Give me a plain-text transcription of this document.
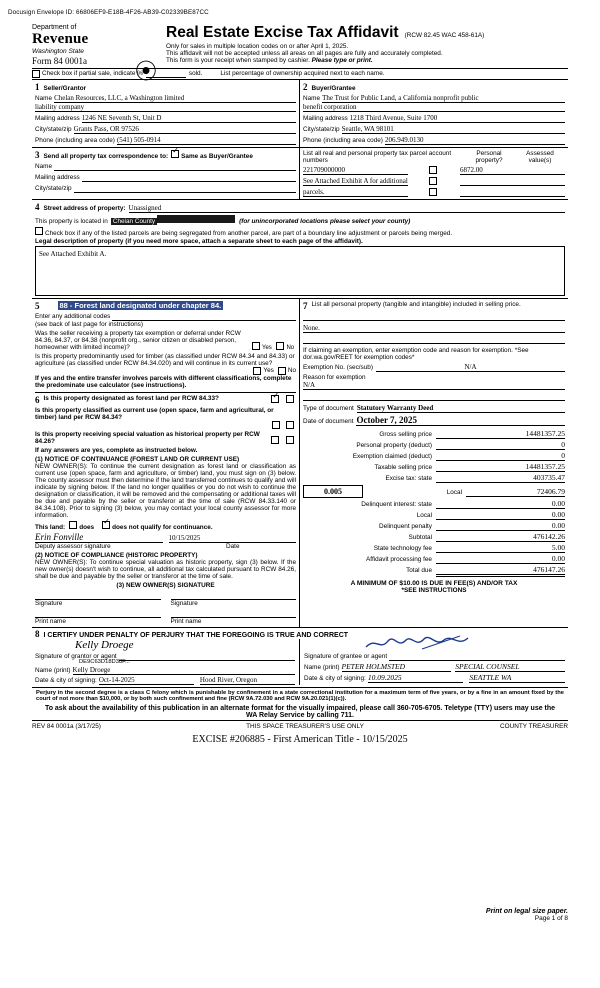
Docusign Envelope ID: 66806EF9-E18B-4F26-AB39-C02339BE87CC
Department of
Revenue
Washington State
Form 84 0001a	⦿
Real Estate Excise Tax Affidavit (RCW 82.45 WAC 458-61A)
Only for sales in multiple location codes on or after April 1, 2025.
This affidavit will not be accepted unless all areas on all pages are fully and accurately completed.
This form is your receipt when stamped by cashier. Please type or print.
Check box if partial sale, indicate %
	sold.	List percentage of ownership acquired next to each name.
1 Seller/Grantor
Name Chelan Resources, LLC, a Washington limited
liability company
Mailing address 1246 NE Seventh St, Unit D
City/state/zip Grants Pass, OR 97526
Phone (including area code) (541) 505-0914
2 Buyer/Grantee
Name The Trust for Public Land, a California nonprofit public
benefit corporation
Mailing address 1218 Third Avenue, Suite 1700
City/state/zip Seattle, WA 98101
Phone (including area code) 206.949.0130
3 Send all property tax correspondence to: ✓ Same as Buyer/Grantee
Name

Mailing address

City/state/zip

List all real and personal property tax parcel account numbers
Personal property?
Assessed value(s)
221709000000	6872.00
See Attached Exhibit A for additional
parcels.
4 Street address of property: Unassigned
This property is located in Chelan County	(for unincorporated locations please select your county)
Check box if any of the listed parcels are being segregated from another parcel, are part of a boundary line adjustment or parcels being merged.
Legal description of property (if you need more space, attach a separate sheet to each page of the affidavit).
See Attached Exhibit A.
5	88 - Forest land designated under chapter 84.
Enter any additional codes

(see back of last page for instructions)
Was the seller receiving a property tax exemption or deferral under RCW 84.36, 84.37, or 84.38 (nonprofit org., senior citizen or disabled person, homeowner with limited income)?	Yes No
Is this property predominantly used for timber (as classified under RCW 84.34 and 84.33) or agriculture (as classified under RCW 84.34.020) and will continue in its current use?
Yes No
If yes and the entire transfer involves parcels with different classifications, complete the predominate use calculator (see instructions).
6 Is this property designated as forest land per RCW 84.33?
✓
Is this property classified as current use (open space, farm and agricultural, or timber) land per RCW 84.34?
Is this property receiving special valuation as historical property per RCW 84.26?

If any answers are yes, complete as instructed below.
(1) NOTICE OF CONTINUANCE (FOREST LAND OR CURRENT USE)
NEW OWNER(S): To continue the current designation as forest land or classification as current use (open space, farm and agriculture, or timber) land, you must sign on (3) below. The county assessor must then determine if the land transferred continues to qualify and will indicate by signing below. If the land no longer qualifies or you do not wish to continue the designation or classification, it will be removed and the compensating or additional taxes will be due and payable by the seller or transferor at the time of sale (RCW 84.33.140 or 84.34.108). Prior to signing (3) below, you may contact your local county assessor for more information.
This land: does ✓	does not qualify for continuance.
Erin Fonville	10/15/2025
Deputy assessor signature	Date
(2) NOTICE OF COMPLIANCE (HISTORIC PROPERTY)
NEW OWNER(S): To continue special valuation as historic property, sign (3) below. If the new owner(s) doesn't wish to continue, all additional tax calculated pursuant to RCW 84.26, shall be due and payable by the seller or transferor at the time of sale.
(3) NEW OWNER(S) SIGNATURE

Signature	Signature

Print name	Print name
7 List all personal property (tangible and intangible) included in selling price.

None.

If claiming an exemption, enter exemption code and reason for exemption. *See dor.wa.gov/REET for exemption codes*
Exemption No. (sec/sub)	N/A
Reason for exemption
N/A

Type of document Statutory Warranty Deed
Date of document October 7, 2025
Gross selling price	14481357.25
Personal property (deduct)	0
Exemption claimed (deduct)	0
Taxable selling price	14481357.25
Excise tax: state	403735.47
0.005	Local	72406.79
Delinquent interest: state	0.00
Local	0.00
Delinquent penalty	0.00
Subtotal	476142.26
State technology fee	5.00
Affidavit processing fee	0.00
Total due	476147.26
A MINIMUM OF $10.00 IS DUE IN FEE(S) AND/OR TAX
*SEE INSTRUCTIONS
8 I CERTIFY UNDER PENALTY OF PERJURY THAT THE FOREGOING IS TRUE AND CORRECT
Kelly Droege
Signature of grantor or agent

DE9C63D18D38F...
Name (print) Kelly Droege
Date & city of signing: Oct-14-2025	Hood River, Oregon
Signature of grantee or agent

Name (print) PETER HOLMSTED	SPECIAL COUNSEL
Date & city of signing: 10.09.2025	SEATTLE WA
Perjury in the second degree is a class C felony which is punishable by confinement in a state correctional institution for a maximum term of five years, or by a fine in an amount fixed by the court of not more than $10,000, or by both such confinement and fine (RCW 9A.72.030 and RCW 9A.20.021(1)(c)).
To ask about the availability of this publication in an alternate format for the visually impaired, please call 360-705-6705. Teletype (TTY) users may use the WA Relay Service by calling 711.
REV 84 0001a (3/17/25)	THIS SPACE TREASURER'S USE ONLY	COUNTY TREASURER
EXCISE #206885 - First American Title - 10/15/2025
Print on legal size paper.
Page 1 of 8
